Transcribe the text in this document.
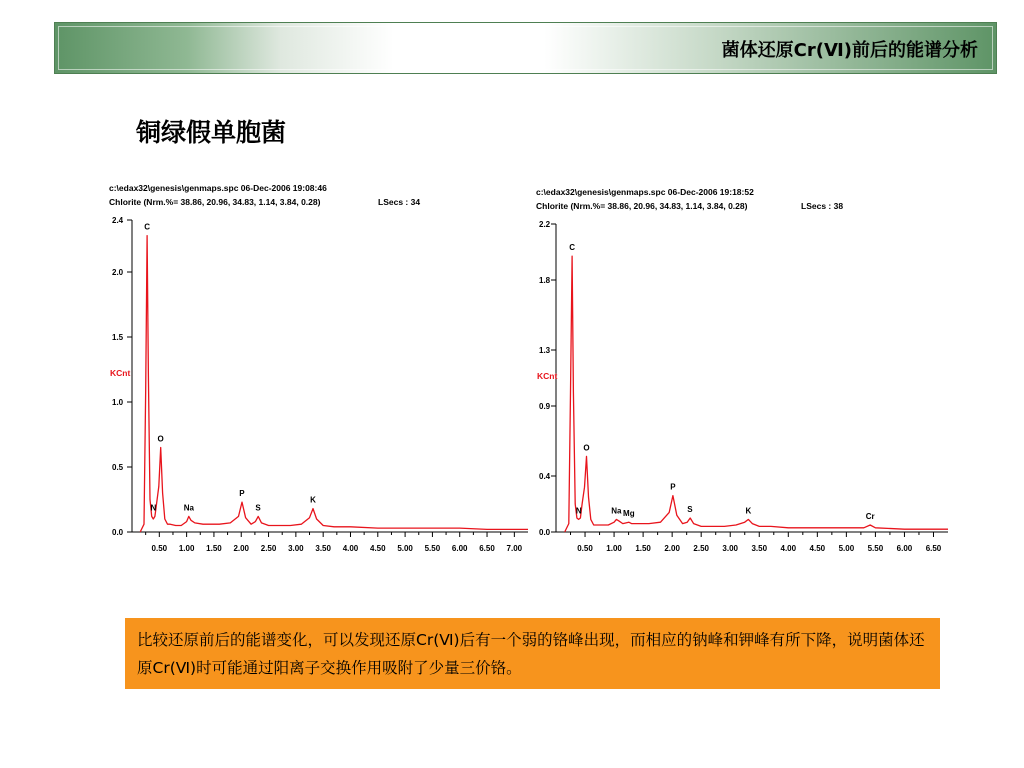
菌体还原Cr(Ⅵ)前后的能谱分析
铜绿假单胞菌
c:\edax32\genesis\genmaps.spc 06-Dec-2006 19:08:46
Chlorite (Nrm.%= 38.86, 20.96, 34.83, 1.14, 3.84, 0.28)	LSecs : 34
0.0
0.5
1.0
1.5
2.0
2.4
0.50 1.00 1.50 2.00 2.50 3.00 3.50 4.00 4.50 5.00 5.50 6.00 6.50 7.00
KCnt
C
N
O
Na
P
S
K
c:\edax32\genesis\genmaps.spc 06-Dec-2006 19:18:52
Chlorite (Nrm.%= 38.86, 20.96, 34.83, 1.14, 3.84, 0.28)	LSecs : 38
0.0
0.4
0.9
1.3
1.8
2.2
0.50 1.00 1.50 2.00 2.50 3.00 3.50 4.00 4.50 5.00 5.50 6.00 6.50
KCnt
C
N
O
Na Mg
P
S	K
Cr
比较还原前后的能谱变化，可以发现还原Cr(Ⅵ)后有一个弱的铬峰出现，而相应的钠峰和钾峰有所下降，说明菌体还原Cr(Ⅵ)时可能通过阳离子交换作用吸附了少量三价铬。
